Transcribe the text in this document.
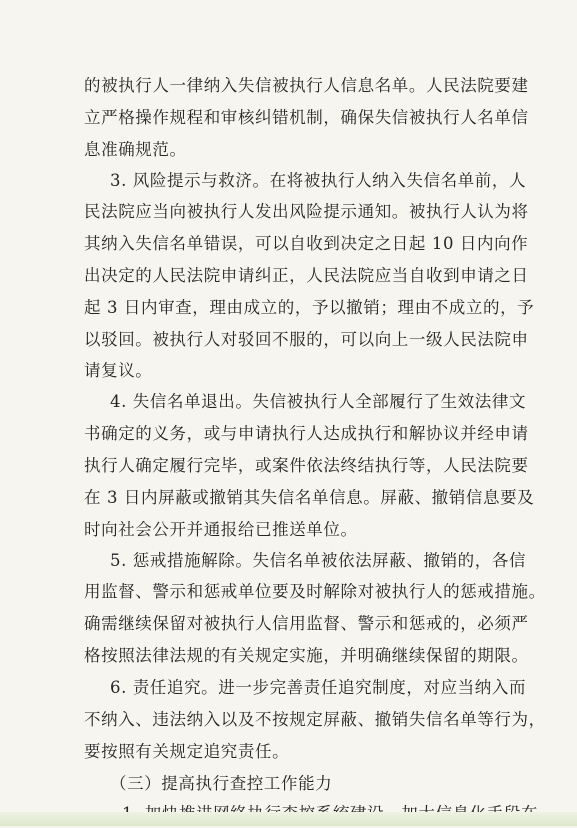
的被执行人一律纳入失信被执行人信息名单。人民法院要建
立严格操作规程和审核纠错机制，确保失信被执行人名单信
息准确规范。
3. 风险提示与救济。在将被执行人纳入失信名单前，人
民法院应当向被执行人发出风险提示通知。被执行人认为将
其纳入失信名单错误，可以自收到决定之日起 10 日内向作
出决定的人民法院申请纠正，人民法院应当自收到申请之日
起 3 日内审查，理由成立的，予以撤销；理由不成立的，予
以驳回。被执行人对驳回不服的，可以向上一级人民法院申
请复议。
4. 失信名单退出。失信被执行人全部履行了生效法律文
书确定的义务，或与申请执行人达成执行和解协议并经申请
执行人确定履行完毕，或案件依法终结执行等，人民法院要
在 3 日内屏蔽或撤销其失信名单信息。屏蔽、撤销信息要及
时向社会公开并通报给已推送单位。
5. 惩戒措施解除。失信名单被依法屏蔽、撤销的，各信
用监督、警示和惩戒单位要及时解除对被执行人的惩戒措施。
确需继续保留对被执行人信用监督、警示和惩戒的，必须严
格按照法律法规的有关规定实施，并明确继续保留的期限。
6. 责任追究。进一步完善责任追究制度，对应当纳入而
不纳入、违法纳入以及不按规定屏蔽、撤销失信名单等行为，
要按照有关规定追究责任。
（三）提高执行查控工作能力
